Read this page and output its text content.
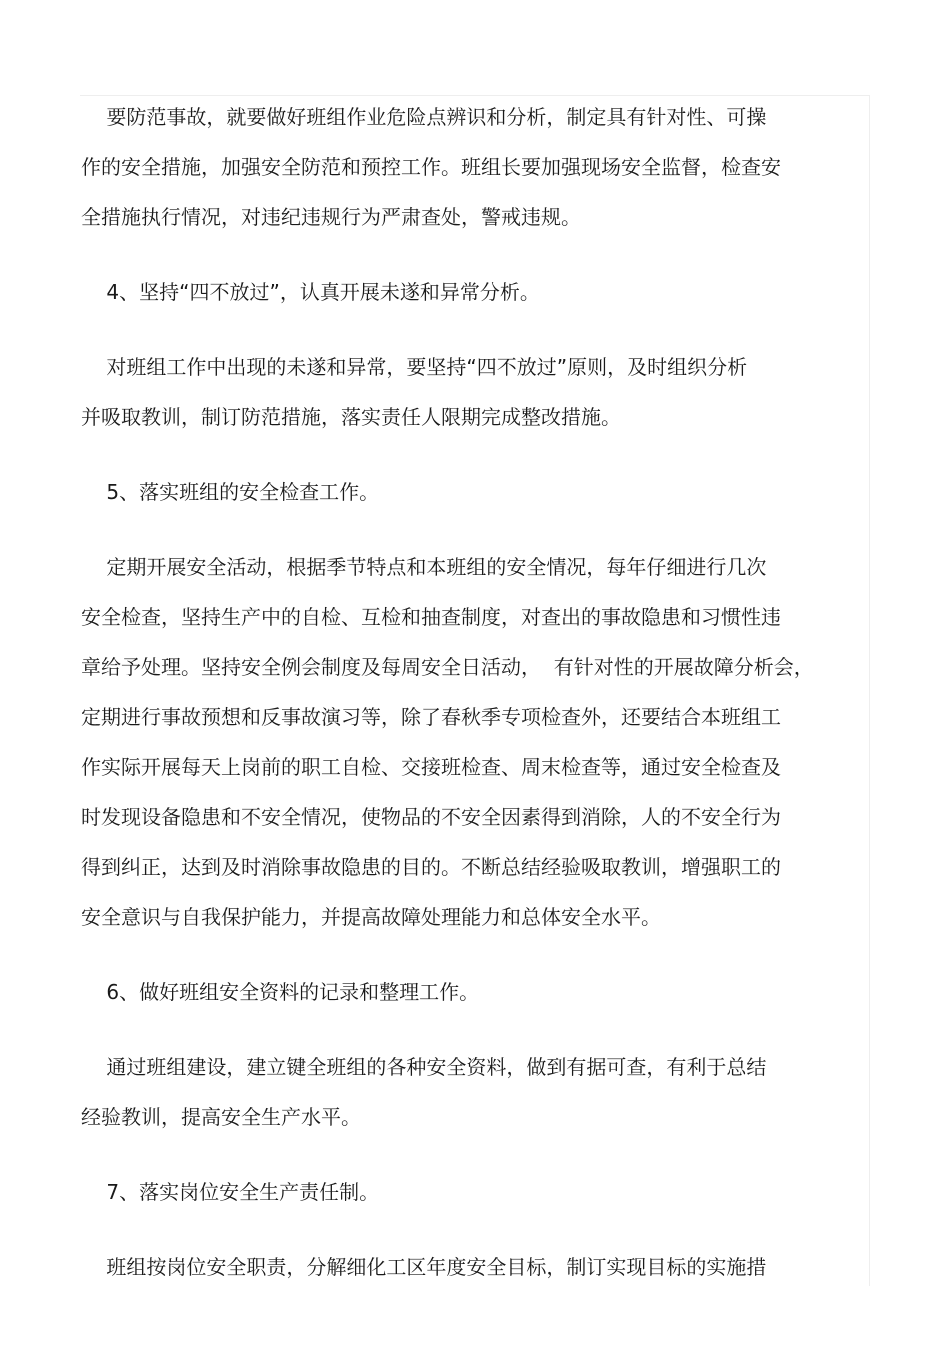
要防范事故，就要做好班组作业危险点辨识和分析，制定具有针对性、可操
作的安全措施，加强安全防范和预控工作。班组长要加强现场安全监督，检查安
全措施执行情况，对违纪违规行为严肃查处，警戒违规。
4、坚持“四不放过”，认真开展未遂和异常分析。
对班组工作中出现的未遂和异常，要坚持“四不放过”原则，及时组织分析
并吸取教训，制订防范措施，落实责任人限期完成整改措施。
5、落实班组的安全检查工作。
定期开展安全活动，根据季节特点和本班组的安全情况，每年仔细进行几次
安全检查，坚持生产中的自检、互检和抽查制度，对查出的事故隐患和习惯性违
章给予处理。坚持安全例会制度及每周安全日活动，  有针对性的开展故障分析会，
定期进行事故预想和反事故演习等，除了春秋季专项检查外，还要结合本班组工
作实际开展每天上岗前的职工自检、交接班检查、周末检查等，通过安全检查及
时发现设备隐患和不安全情况，使物品的不安全因素得到消除，人的不安全行为
得到纠正，达到及时消除事故隐患的目的。不断总结经验吸取教训，增强职工的
安全意识与自我保护能力，并提高故障处理能力和总体安全水平。
6、做好班组安全资料的记录和整理工作。
通过班组建设，建立键全班组的各种安全资料，做到有据可查，有利于总结
经验教训，提高安全生产水平。
7、落实岗位安全生产责任制。
班组按岗位安全职责，分解细化工区年度安全目标，制订实现目标的实施措
